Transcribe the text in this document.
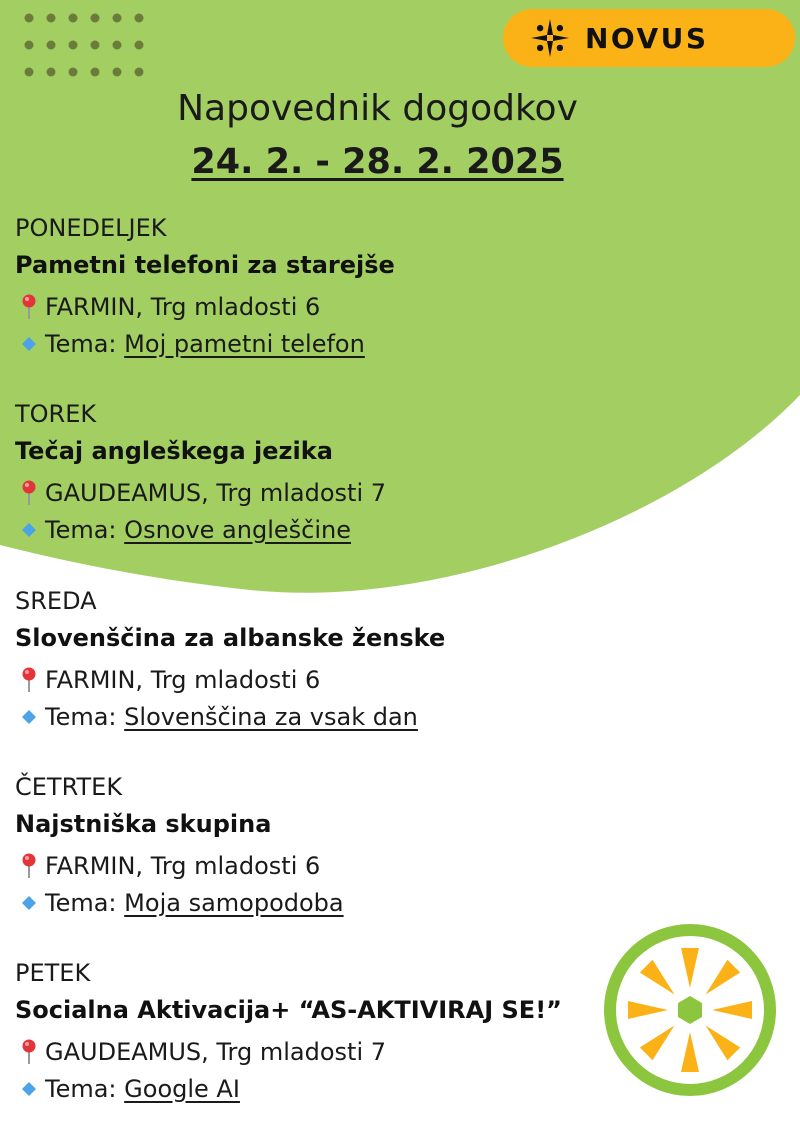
NOVUS
Napovednik dogodkov
24. 2. - 28. 2. 2025
PONEDELJEK
Pametni telefoni za starejše
FARMIN, Trg mladosti 6
Tema:
Moj pametni telefon
TOREK
Tečaj angleškega jezika
GAUDEAMUS, Trg mladosti 7
Tema:
Osnove angleščine
SREDA
Slovenščina za albanske ženske
FARMIN, Trg mladosti 6
Tema:
Slovenščina za vsak dan
ČETRTEK
Najstniška skupina
FARMIN, Trg mladosti 6
Tema:
Moja samopodoba
PETEK
Socialna Aktivacija+ “AS-AKTIVIRAJ SE!”
GAUDEAMUS, Trg mladosti 7
Tema:
Google AI
